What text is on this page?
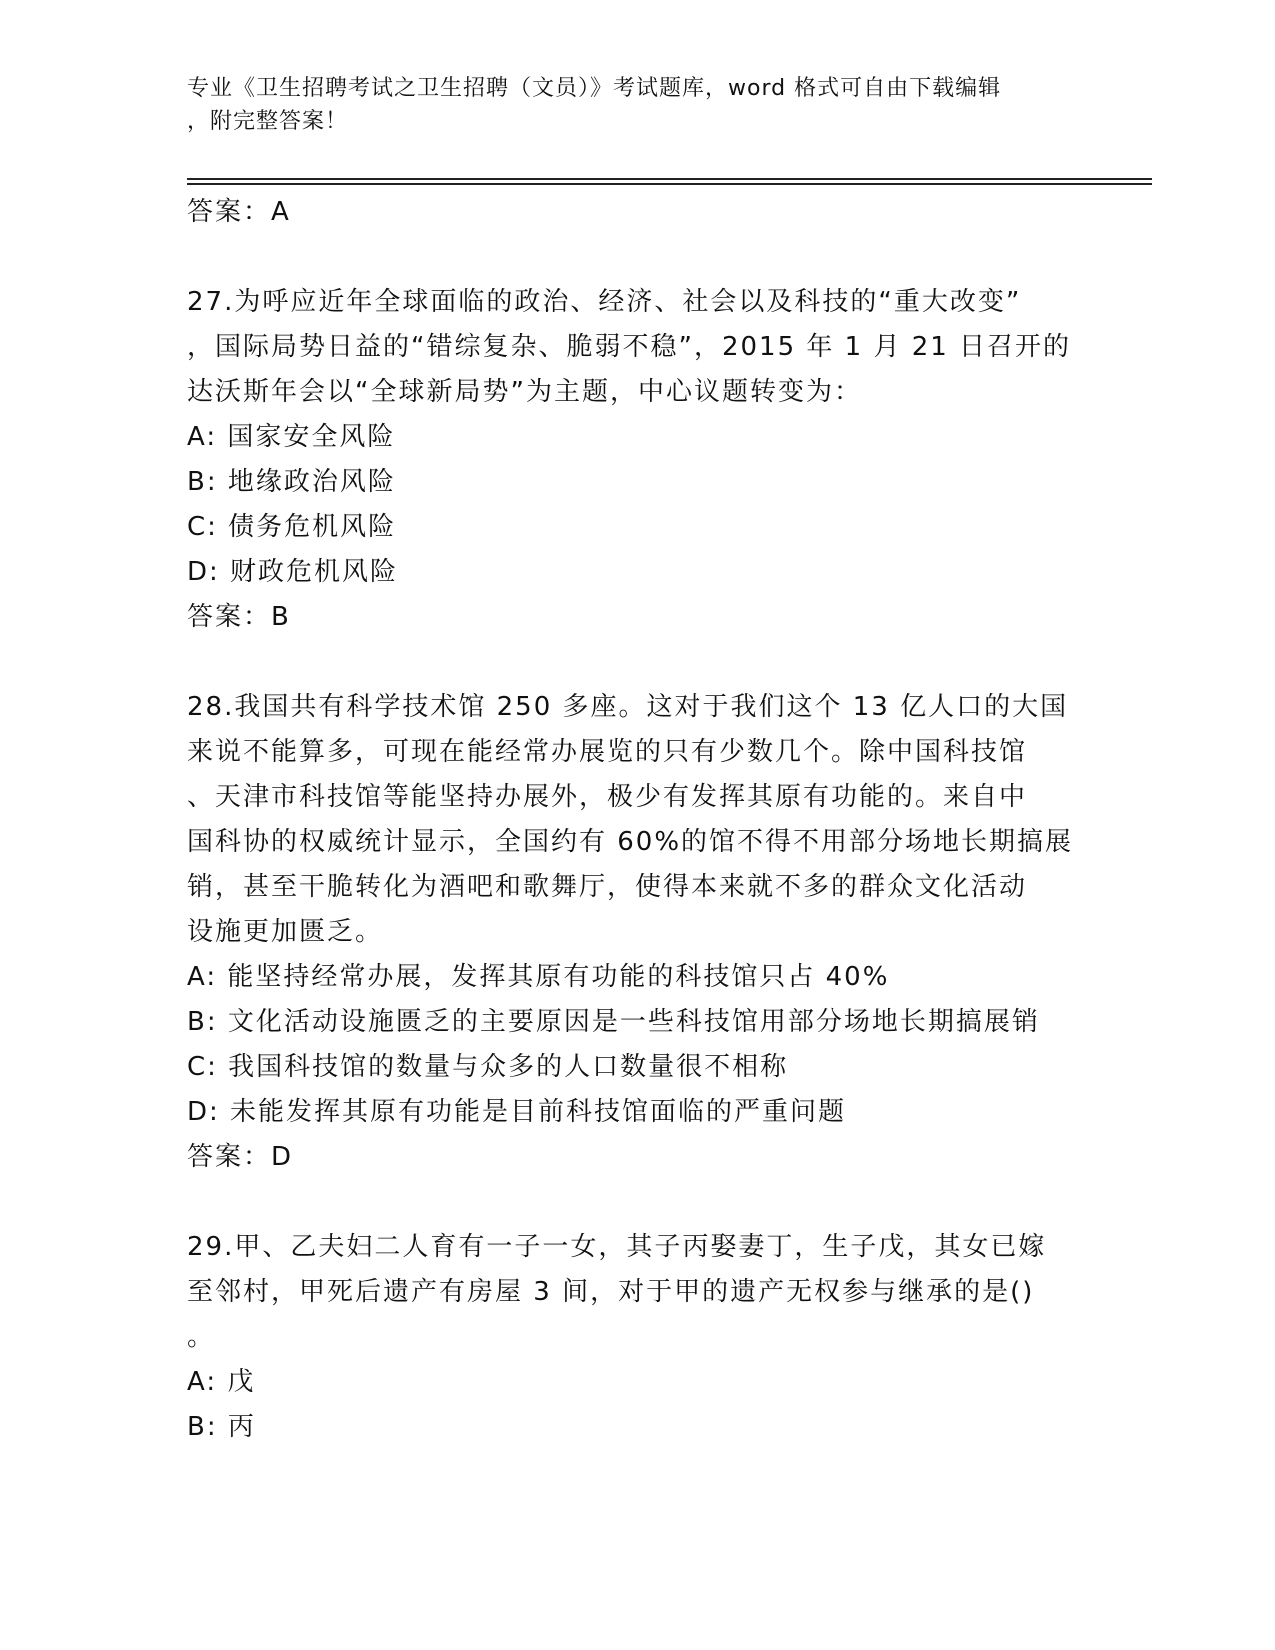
专业《卫生招聘考试之卫生招聘（文员）》考试题库，word 格式可自由下载编辑
，附完整答案！
答案：A
27.为呼应近年全球面临的政治、经济、社会以及科技的“重大改变”
，国际局势日益的“错综复杂、脆弱不稳”，2015 年 1 月 21 日召开的
达沃斯年会以“全球新局势”为主题，中心议题转变为：
A: 国家安全风险
B: 地缘政治风险
C: 债务危机风险
D: 财政危机风险
答案：B
28.我国共有科学技术馆 250 多座。这对于我们这个 13 亿人口的大国
来说不能算多，可现在能经常办展览的只有少数几个。除中国科技馆
、天津市科技馆等能坚持办展外，极少有发挥其原有功能的。来自中
国科协的权威统计显示，全国约有 60%的馆不得不用部分场地长期搞展
销，甚至干脆转化为酒吧和歌舞厅，使得本来就不多的群众文化活动
设施更加匮乏。
A: 能坚持经常办展，发挥其原有功能的科技馆只占 40%
B: 文化活动设施匮乏的主要原因是一些科技馆用部分场地长期搞展销
C: 我国科技馆的数量与众多的人口数量很不相称
D: 未能发挥其原有功能是目前科技馆面临的严重问题
答案：D
29.甲、乙夫妇二人育有一子一女，其子丙娶妻丁，生子戊，其女已嫁
至邻村，甲死后遗产有房屋 3 间，对于甲的遗产无权参与继承的是()
。
A: 戊
B: 丙
